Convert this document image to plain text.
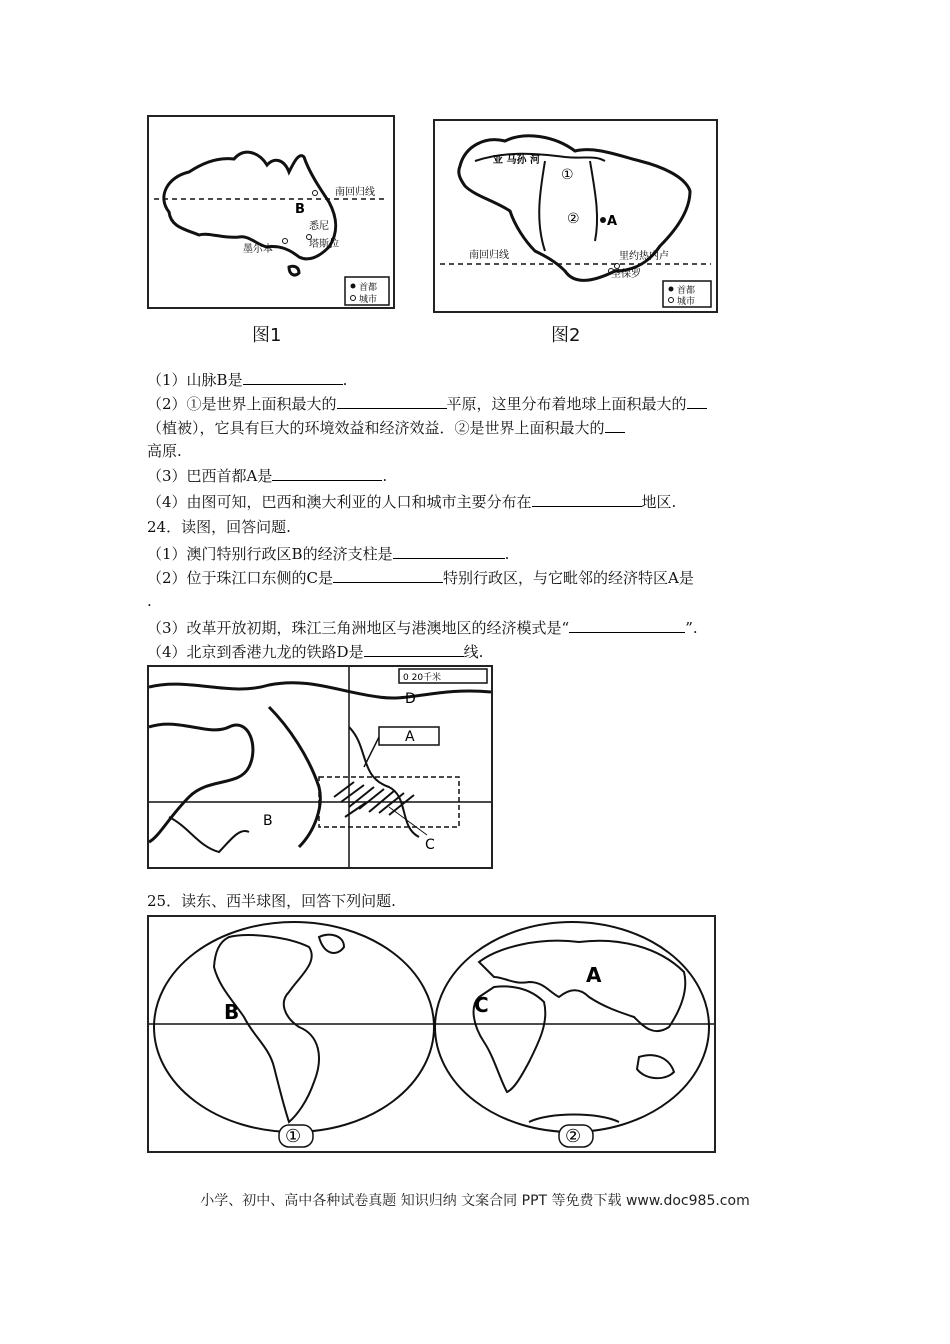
南回归线
B
悉尼
墨尔本	塔斯拉
首都
城市
图1
亚 马孙 河
①
② A
南回归线	里约热内卢
圣保罗
首都
城市
图2
（1）山脉B是	.
（2）①是世界上面积最大的	平原，这里分布着地球上面积最大的
（植被），它具有巨大的环境效益和经济效益．②是世界上面积最大的
高原.
（3）巴西首都A是	.
（4）由图可知，巴西和澳大利亚的人口和城市主要分布在	地区.
24．读图，回答问题.
（1）澳门特别行政区B的经济支柱是	.
（2）位于珠江口东侧的C是	特别行政区，与它毗邻的经济特区A是
.
（3）改革开放初期，珠江三角洲地区与港澳地区的经济模式是“	”.
（4）北京到香港九龙的铁路D是	线.
A
B
C
D
0 20千米
25．读东、西半球图，回答下列问题.
B
A
C
①	②
小学、初中、高中各种试卷真题 知识归纳 文案合同 PPT 等免费下载 www.doc985.com
